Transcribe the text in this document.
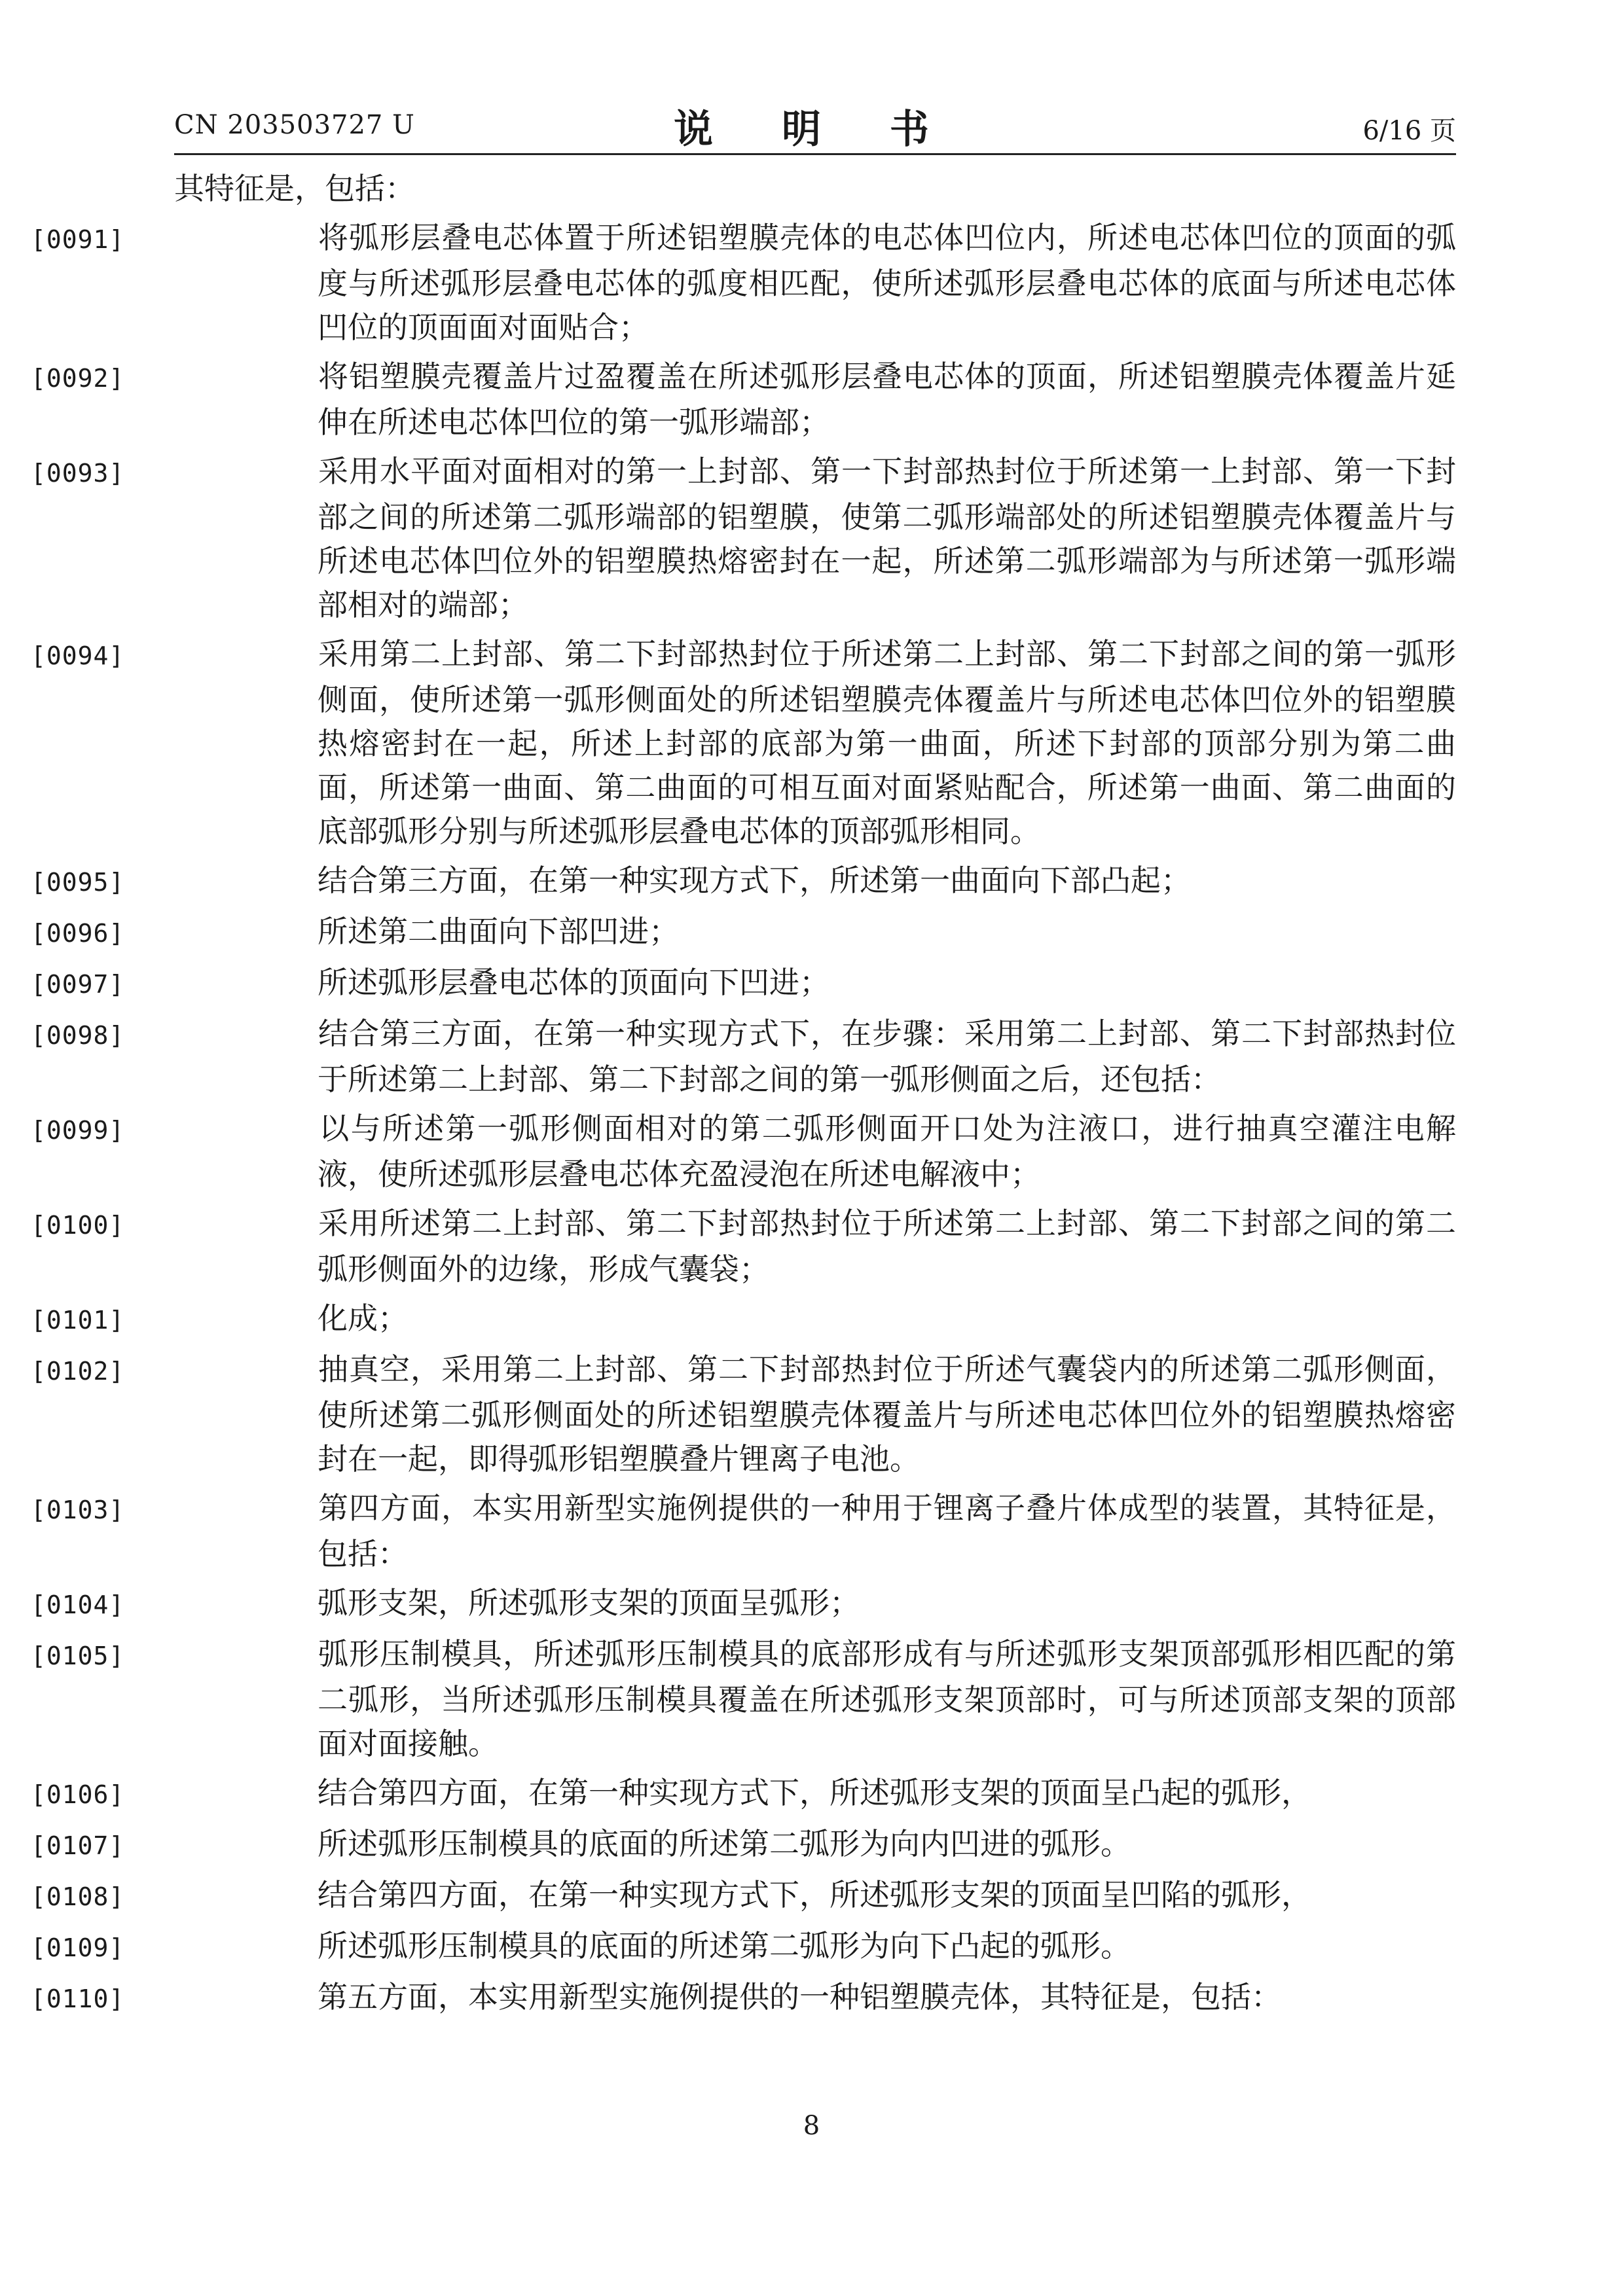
CN 203503727 U	说 明 书	6/16 页

其特征是，包括：

[0091]	将弧形层叠电芯体置于所述铝塑膜壳体的电芯体凹位内，所述电芯体凹位的顶面的弧度与所述弧形层叠电芯体的弧度相匹配，使所述弧形层叠电芯体的底面与所述电芯体凹位的顶面面对面贴合；

[0092]	将铝塑膜壳覆盖片过盈覆盖在所述弧形层叠电芯体的顶面，所述铝塑膜壳体覆盖片延伸在所述电芯体凹位的第一弧形端部；

[0093]	采用水平面对面相对的第一上封部、第一下封部热封位于所述第一上封部、第一下封部之间的所述第二弧形端部的铝塑膜，使第二弧形端部处的所述铝塑膜壳体覆盖片与所述电芯体凹位外的铝塑膜热熔密封在一起，所述第二弧形端部为与所述第一弧形端部相对的端部；

[0094]	采用第二上封部、第二下封部热封位于所述第二上封部、第二下封部之间的第一弧形侧面，使所述第一弧形侧面处的所述铝塑膜壳体覆盖片与所述电芯体凹位外的铝塑膜热熔密封在一起，所述上封部的底部为第一曲面，所述下封部的顶部分别为第二曲面，所述第一曲面、第二曲面的可相互面对面紧贴配合，所述第一曲面、第二曲面的底部弧形分别与所述弧形层叠电芯体的顶部弧形相同。

[0095]	结合第三方面，在第一种实现方式下，所述第一曲面向下部凸起；

[0096]	所述第二曲面向下部凹进；

[0097]	所述弧形层叠电芯体的顶面向下凹进；

[0098]	结合第三方面，在第一种实现方式下，在步骤：采用第二上封部、第二下封部热封位于所述第二上封部、第二下封部之间的第一弧形侧面之后，还包括：

[0099]	以与所述第一弧形侧面相对的第二弧形侧面开口处为注液口，进行抽真空灌注电解液，使所述弧形层叠电芯体充盈浸泡在所述电解液中；

[0100]	采用所述第二上封部、第二下封部热封位于所述第二上封部、第二下封部之间的第二弧形侧面外的边缘，形成气囊袋；

[0101]	化成；

[0102]	抽真空，采用第二上封部、第二下封部热封位于所述气囊袋内的所述第二弧形侧面，使所述第二弧形侧面处的所述铝塑膜壳体覆盖片与所述电芯体凹位外的铝塑膜热熔密封在一起，即得弧形铝塑膜叠片锂离子电池。

[0103]	第四方面，本实用新型实施例提供的一种用于锂离子叠片体成型的装置，其特征是，包括：

[0104]	弧形支架，所述弧形支架的顶面呈弧形；

[0105]	弧形压制模具，所述弧形压制模具的底部形成有与所述弧形支架顶部弧形相匹配的第二弧形，当所述弧形压制模具覆盖在所述弧形支架顶部时，可与所述顶部支架的顶部面对面接触。

[0106]	结合第四方面，在第一种实现方式下，所述弧形支架的顶面呈凸起的弧形，

[0107]	所述弧形压制模具的底面的所述第二弧形为向内凹进的弧形。

[0108]	结合第四方面，在第一种实现方式下，所述弧形支架的顶面呈凹陷的弧形，

[0109]	所述弧形压制模具的底面的所述第二弧形为向下凸起的弧形。

[0110]	第五方面，本实用新型实施例提供的一种铝塑膜壳体，其特征是，包括：

8
